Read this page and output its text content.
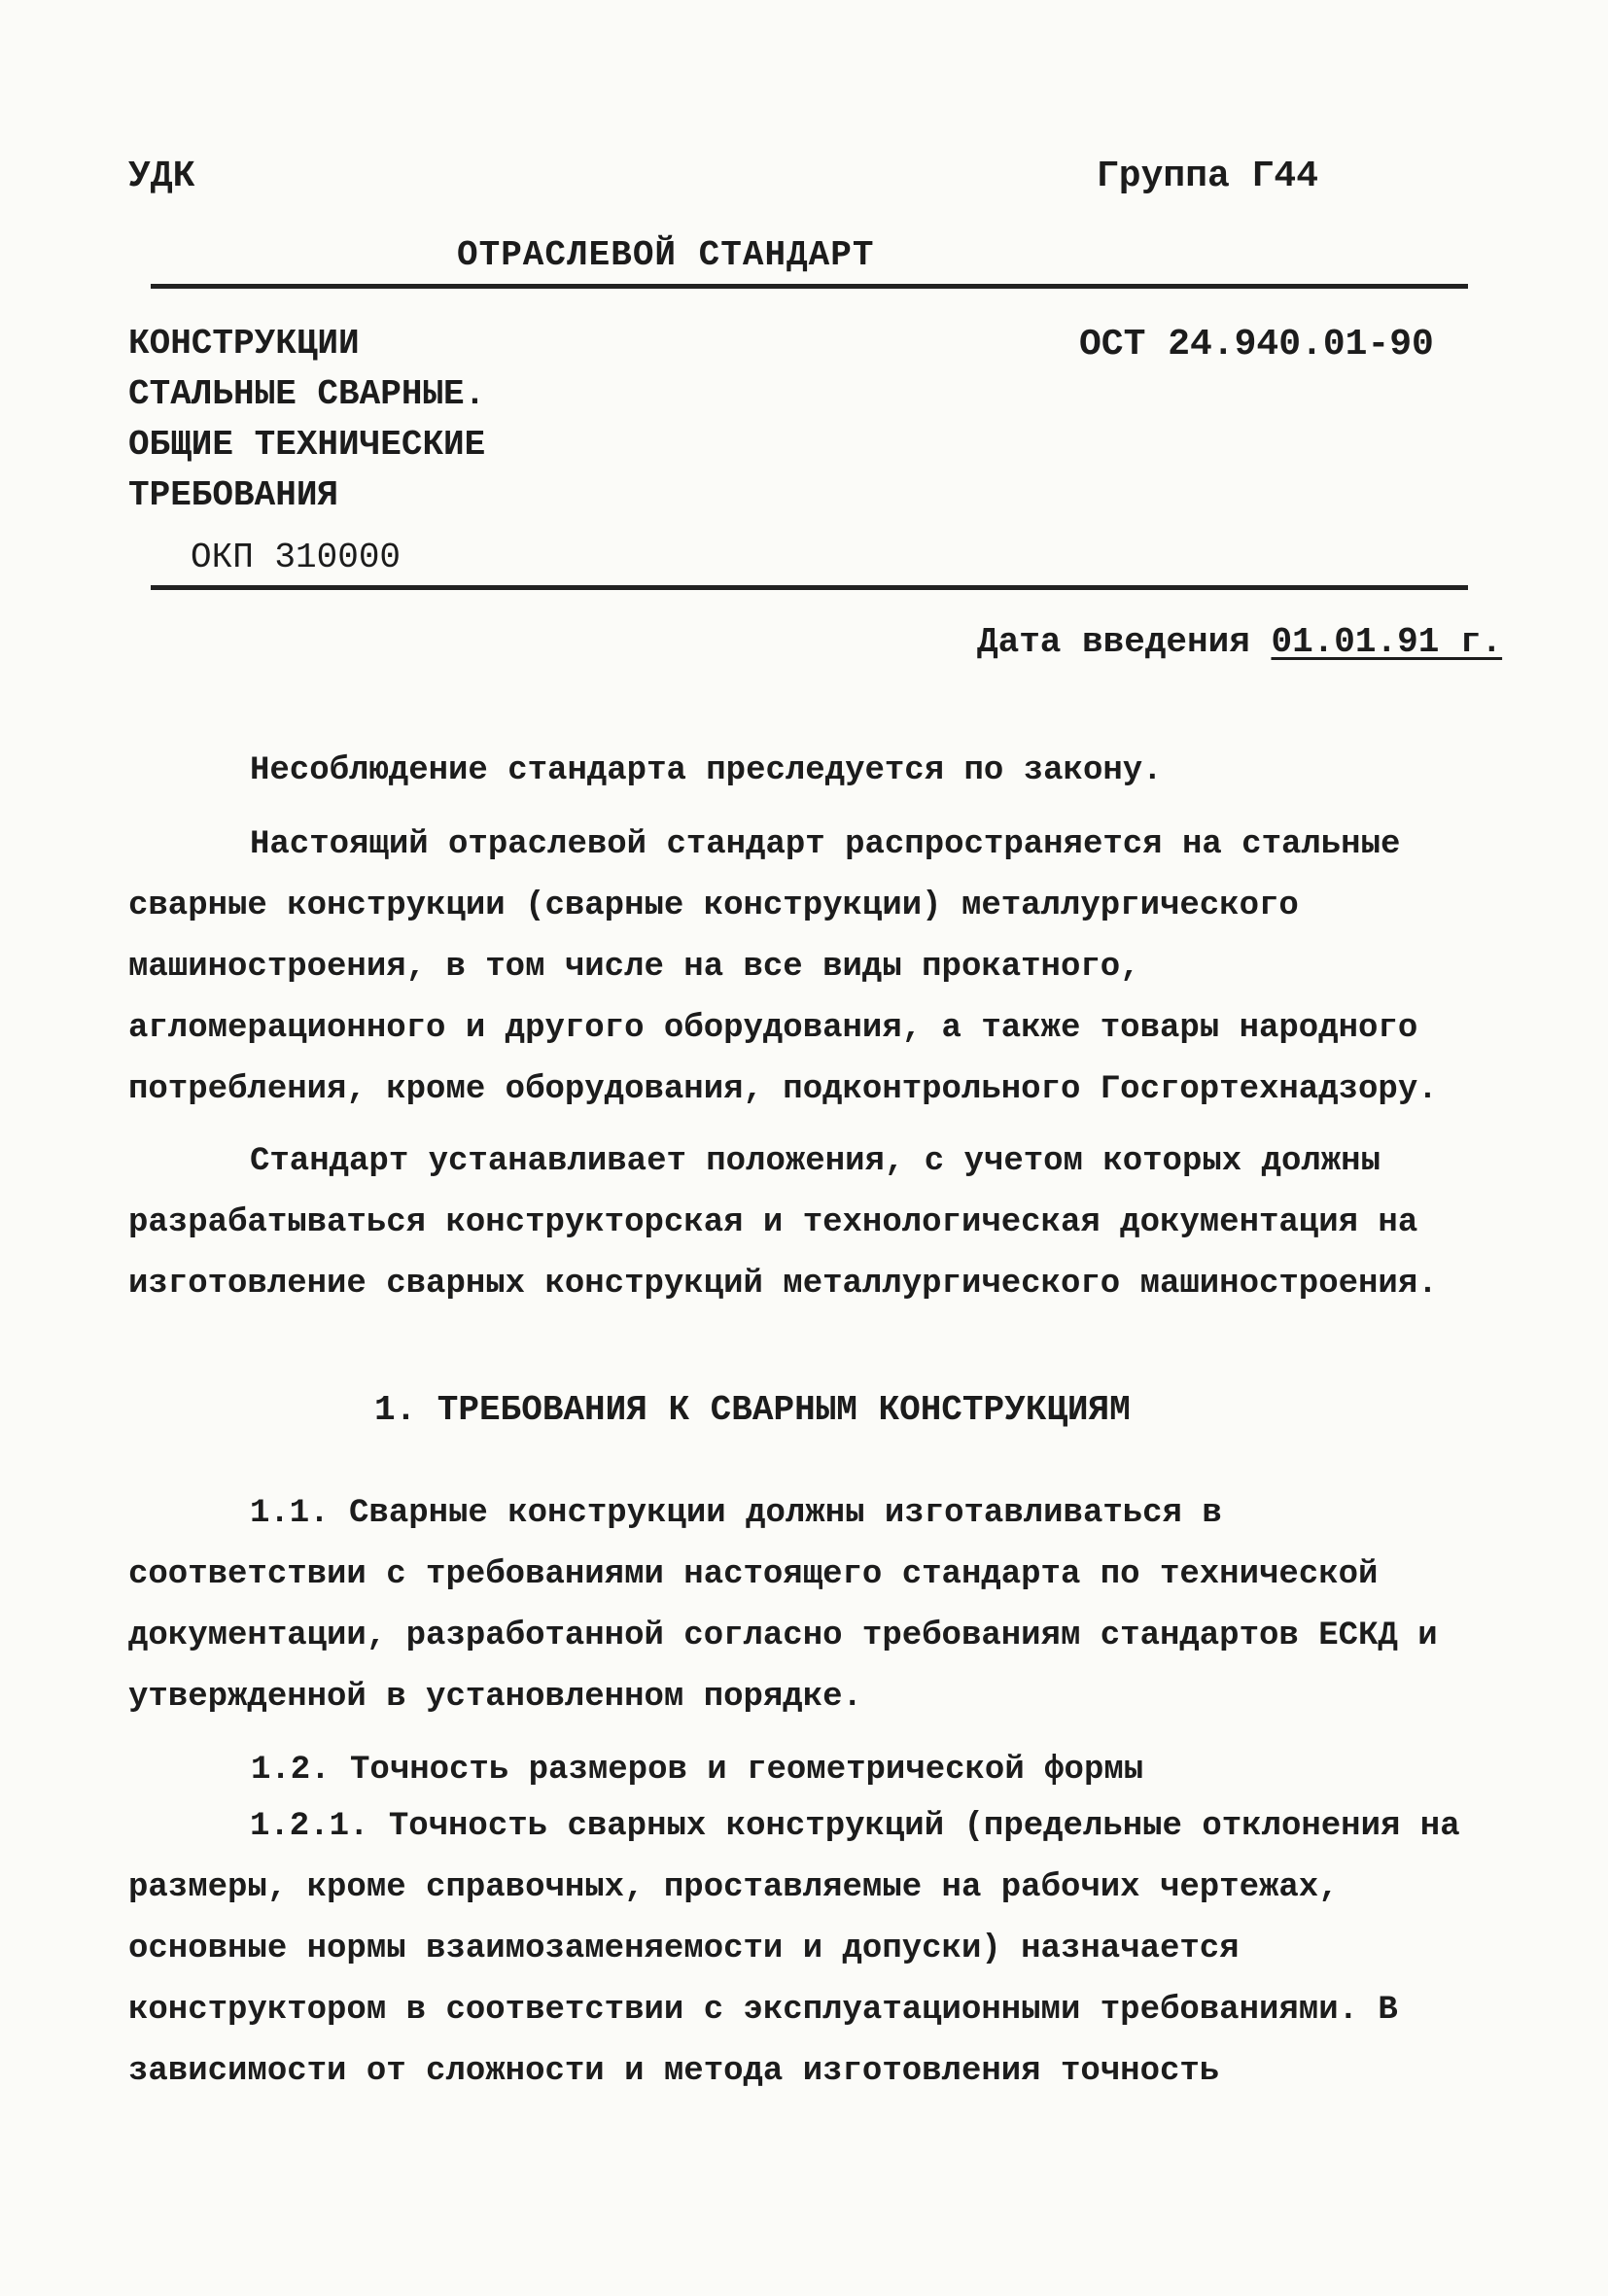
УДК	Группа Г44
ОТРАСЛЕВОЙ СТАНДАРТ
КОНСТРУКЦИИ
СТАЛЬНЫЕ СВАРНЫЕ.
ОБЩИЕ ТЕХНИЧЕСКИЕ
ТРЕБОВАНИЯ
ОКП 310000
ОСТ 24.940.01-90
Дата введения 01.01.91 г.
Несоблюдение стандарта преследуется по закону.
Настоящий отраслевой стандарт распространяется на стальные сварные конструкции (сварные конструкции) металлургического машиностроения, в том числе на все виды прокатного, агломерационного и другого оборудования, а также товары народного потребления, кроме оборудования, подконтрольного Госгортехнадзору.
Стандарт устанавливает положения, с учетом которых должны разрабатываться конструкторская и технологическая документация на изготовление сварных конструкций металлургического машиностроения.
1. ТРЕБОВАНИЯ К СВАРНЫМ КОНСТРУКЦИЯМ
1.1. Сварные конструкции должны изготавливаться в соответствии с требованиями настоящего стандарта по технической документации, разработанной согласно требованиям стандартов ЕСКД и утвержденной в установленном порядке.
1.2. Точность размеров и геометрической формы
1.2.1. Точность сварных конструкций (предельные отклонения на размеры, кроме справочных, проставляемые на рабочих чертежах, основные нормы взаимозаменяемости и допуски) назначается конструктором в соответствии с эксплуатационными требованиями. В зависимости от сложности и метода изготовления точность
